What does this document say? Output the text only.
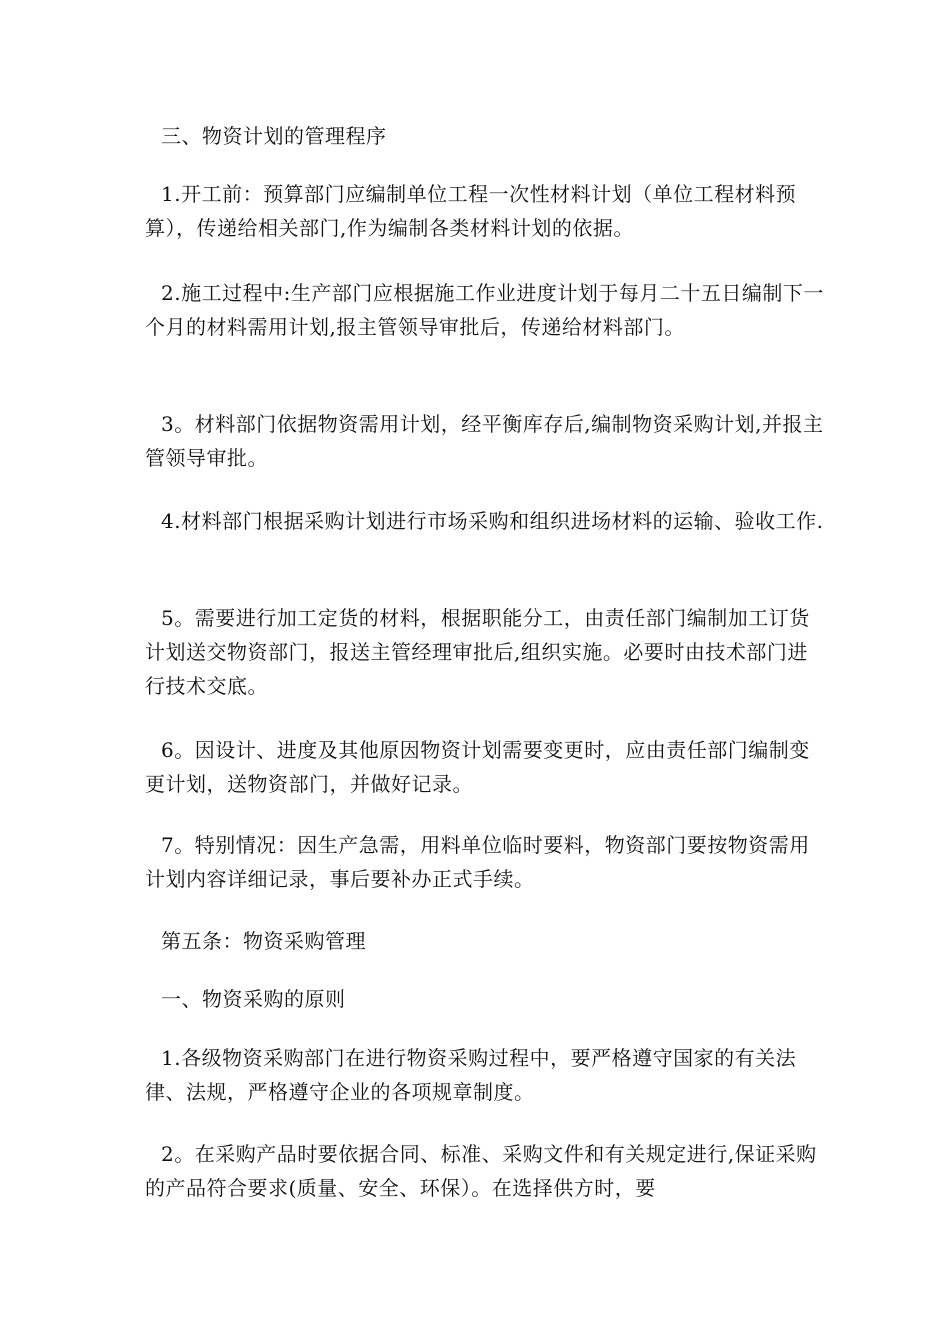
三、物资计划的管理程序

1.开工前：预算部门应编制单位工程一次性材料计划（单位工程材料预算），传递给相关部门,作为编制各类材料计划的依据。

2.施工过程中:生产部门应根据施工作业进度计划于每月二十五日编制下一个月的材料需用计划,报主管领导审批后，传递给材料部门。

3。材料部门依据物资需用计划，经平衡库存后,编制物资采购计划,并报主管领导审批。

4.材料部门根据采购计划进行市场采购和组织进场材料的运输、验收工作.

5。需要进行加工定货的材料，根据职能分工，由责任部门编制加工订货计划送交物资部门，报送主管经理审批后,组织实施。必要时由技术部门进行技术交底。

6。因设计、进度及其他原因物资计划需要变更时，应由责任部门编制变更计划，送物资部门，并做好记录。

7。特别情况：因生产急需，用料单位临时要料，物资部门要按物资需用计划内容详细记录，事后要补办正式手续。

第五条：物资采购管理

一、物资采购的原则

1.各级物资采购部门在进行物资采购过程中，要严格遵守国家的有关法律、法规，严格遵守企业的各项规章制度。

2。在采购产品时要依据合同、标准、采购文件和有关规定进行,保证采购的产品符合要求(质量、安全、环保）。在选择供方时，要
